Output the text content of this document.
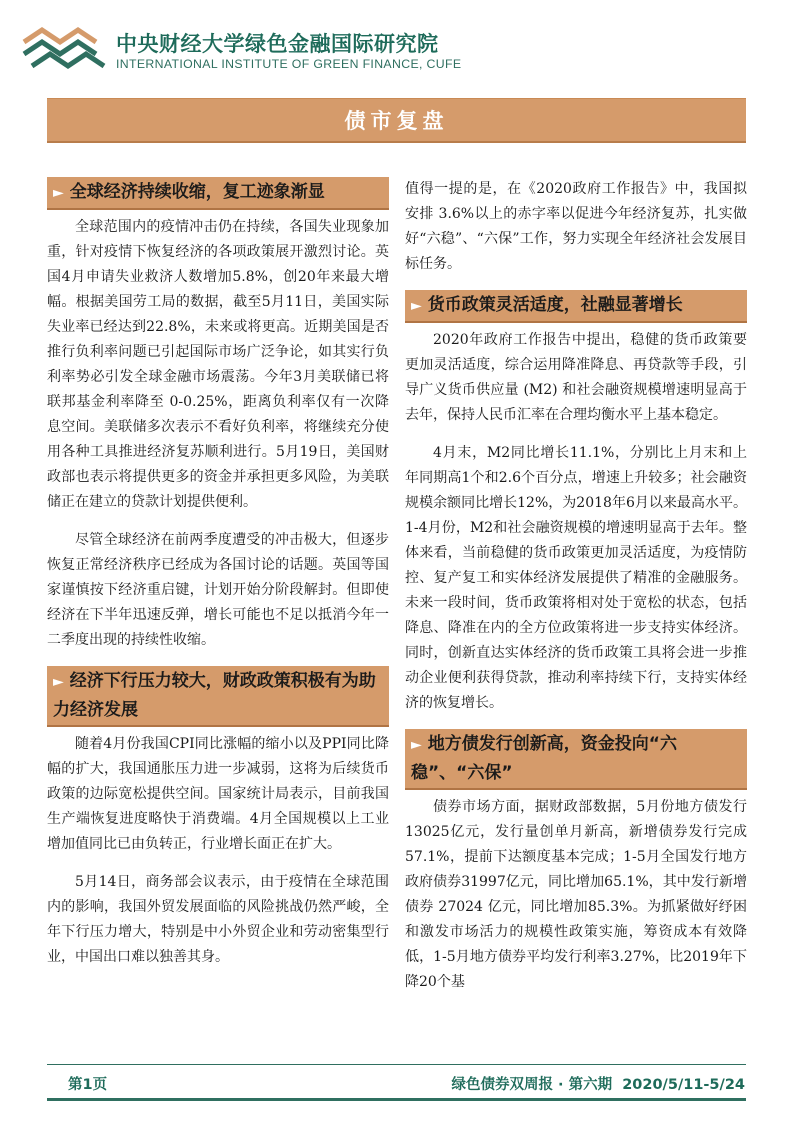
中央财经大学绿色金融国际研究院
INTERNATIONAL INSTITUTE OF GREEN FINANCE, CUFE
债市复盘
► 全球经济持续收缩，复工迹象渐显

全球范围内的疫情冲击仍在持续，各国失业现象加重，针对疫情下恢复经济的各项政策展开激烈讨论。英国4月申请失业救济人数增加5.8%，创20年来最大增幅。根据美国劳工局的数据，截至5月11日，美国实际失业率已经达到22.8%，未来或将更高。近期美国是否推行负利率问题已引起国际市场广泛争论，如其实行负利率势必引发全球金融市场震荡。今年3月美联储已将联邦基金利率降至 0-0.25%，距离负利率仅有一次降息空间。美联储多次表示不看好负利率，将继续充分使用各种工具推进经济复苏顺利进行。5月19日，美国财政部也表示将提供更多的资金并承担更多风险，为美联储正在建立的贷款计划提供便利。

尽管全球经济在前两季度遭受的冲击极大，但逐步恢复正常经济秩序已经成为各国讨论的话题。英国等国家谨慎按下经济重启键，计划开始分阶段解封。但即使经济在下半年迅速反弹，增长可能也不足以抵消今年一二季度出现的持续性收缩。

► 经济下行压力较大，财政政策积极有为助力经济发展

随着4月份我国CPI同比涨幅的缩小以及PPI同比降幅的扩大，我国通胀压力进一步减弱，这将为后续货币政策的边际宽松提供空间。国家统计局表示，目前我国生产端恢复进度略快于消费端。4月全国规模以上工业增加值同比已由负转正，行业增长面正在扩大。

5月14日，商务部会议表示，由于疫情在全球范围内的影响，我国外贸发展面临的风险挑战仍然严峻，全年下行压力增大，特别是中小外贸企业和劳动密集型行业，中国出口难以独善其身。

值得一提的是，在《2020政府工作报告》中，我国拟安排 3.6%以上的赤字率以促进今年经济复苏，扎实做好“六稳”、“六保”工作，努力实现全年经济社会发展目标任务。

► 货币政策灵活适度，社融显著增长

2020年政府工作报告中提出，稳健的货币政策要更加灵活适度，综合运用降准降息、再贷款等手段，引导广义货币供应量 (M2) 和社会融资规模增速明显高于去年，保持人民币汇率在合理均衡水平上基本稳定。

4月末，M2同比增长11.1%，分别比上月末和上年同期高1个和2.6个百分点，增速上升较多；社会融资规模余额同比增长12%，为2018年6月以来最高水平。1-4月份，M2和社会融资规模的增速明显高于去年。整体来看，当前稳健的货币政策更加灵活适度，为疫情防控、复产复工和实体经济发展提供了精准的金融服务。未来一段时间，货币政策将相对处于宽松的状态，包括降息、降准在内的全方位政策将进一步支持实体经济。同时，创新直达实体经济的货币政策工具将会进一步推动企业便利获得贷款，推动利率持续下行，支持实体经济的恢复增长。

► 地方债发行创新高，资金投向“六稳”、“六保”

债券市场方面，据财政部数据，5月份地方债发行13025亿元，发行量创单月新高，新增债券发行完成57.1%，提前下达额度基本完成；1-5月全国发行地方政府债券31997亿元，同比增加65.1%，其中发行新增债券 27024 亿元，同比增加85.3%。为抓紧做好纾困和激发市场活力的规模性政策实施，筹资成本有效降低，1-5月地方债券平均发行利率3.27%，比2019年下降20个基

第1页	绿色债券双周报 · 第六期 2020/5/11-5/24
